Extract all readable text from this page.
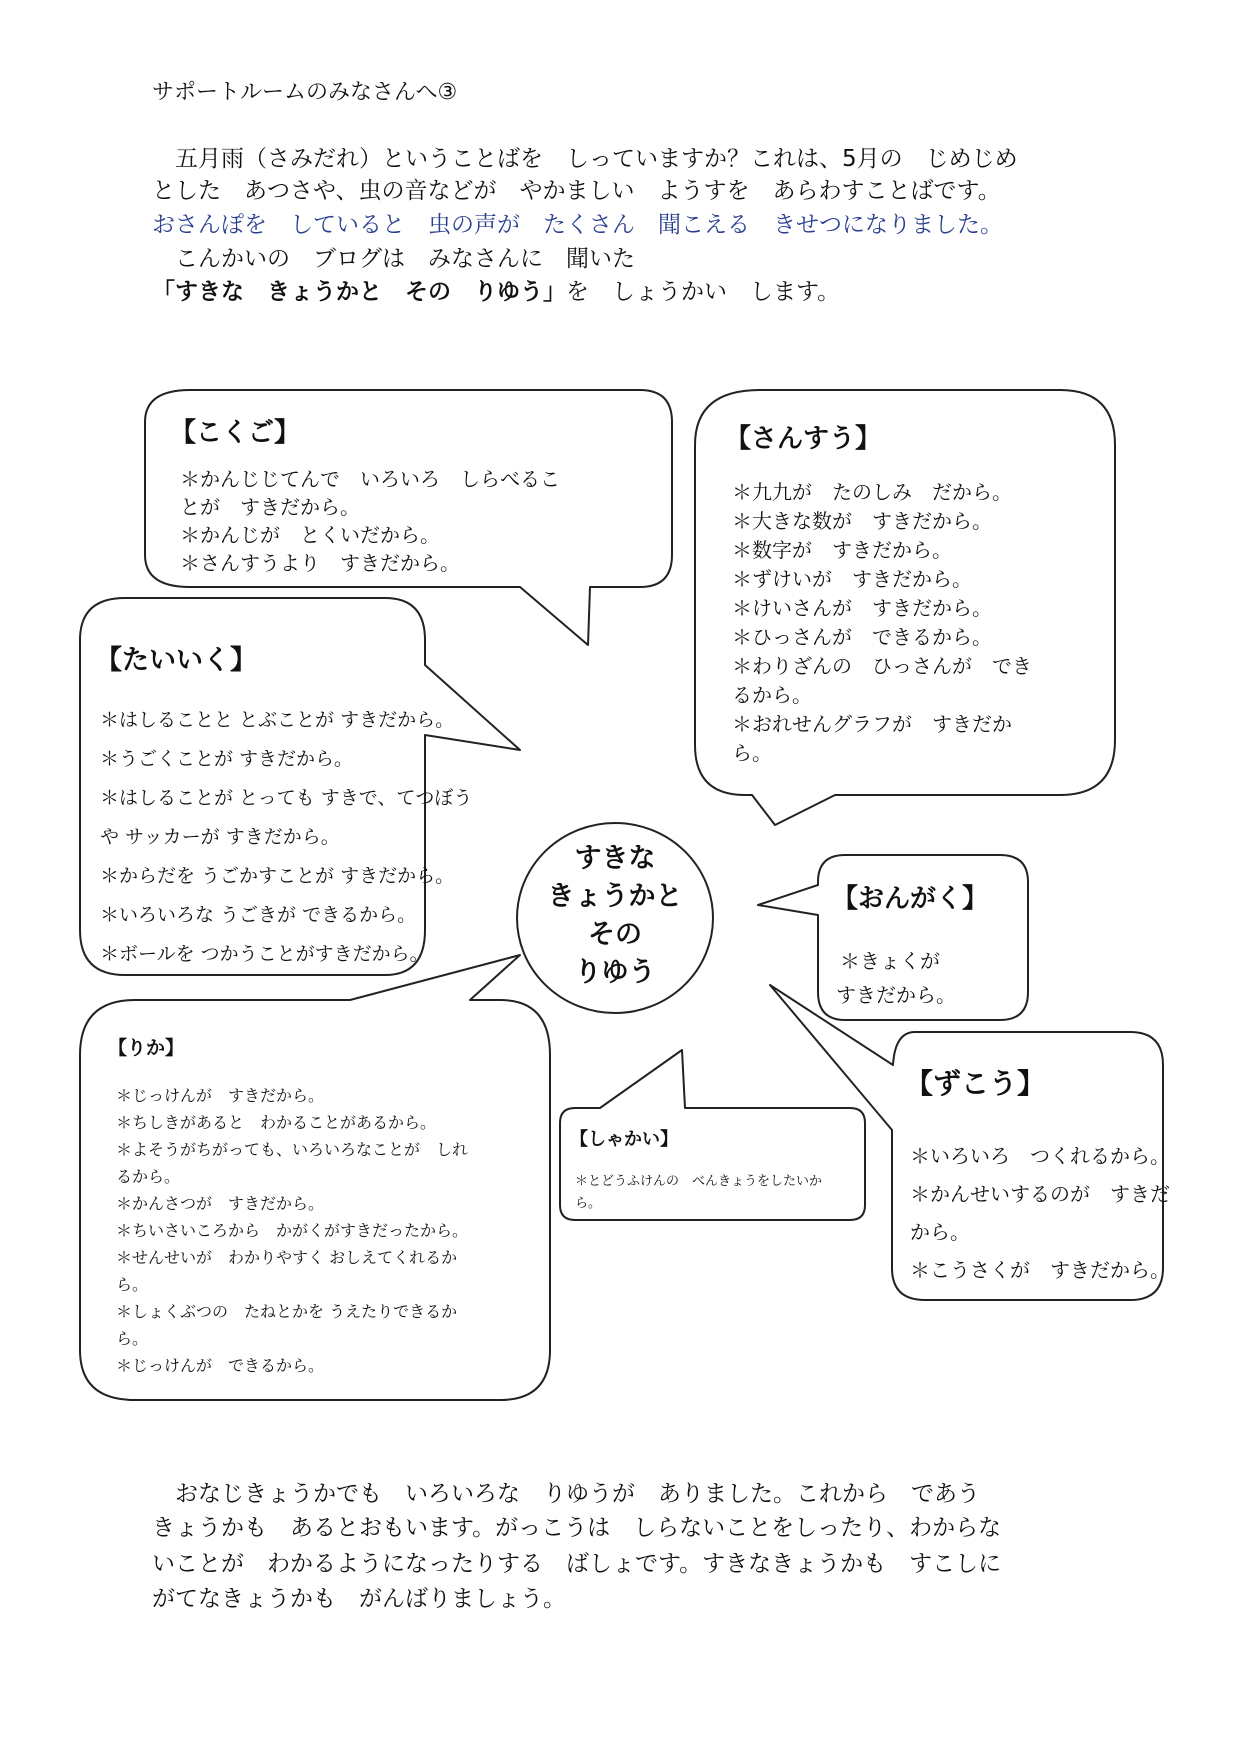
サポートルームのみなさんへ③
　五月雨（さみだれ）ということばを　しっていますか？これは、5月の　じめじめ
とした　あつさや、虫の音などが　やかましい　ようすを　あらわすことばです。
おさんぽを　していると　虫の声が　たくさん　聞こえる　きせつになりました。
　こんかいの　ブログは　みなさんに　聞いた
「すきな　きょうかと　その　りゆう」を　しょうかい　します。
すきな
きょうかと
その
りゆう
【こくご】
＊かんじじてんで　いろいろ　しらべるこ
とが　すきだから。
＊かんじが　とくいだから。
＊さんすうより　すきだから。
【さんすう】
＊九九が　たのしみ　だから。
＊大きな数が　すきだから。
＊数字が　すきだから。
＊ずけいが　すきだから。
＊けいさんが　すきだから。
＊ひっさんが　できるから。
＊わりざんの　ひっさんが　でき
るから。
＊おれせんグラフが　すきだか
ら。
【たいいく】
＊はしることと とぶことが すきだから。
＊うごくことが すきだから。
＊はしることが とっても すきで、てつぼう
や サッカーが すきだから。
＊からだを うごかすことが すきだから。
＊いろいろな うごきが できるから。
＊ボールを つかうことがすきだから。
【おんがく】
＊きょくが
すきだから。
【りか】
＊じっけんが　すきだから。
＊ちしきがあると　わかることがあるから。
＊よそうがちがっても、いろいろなことが　しれ
るから。
＊かんさつが　すきだから。
＊ちいさいころから　かがくがすきだったから。
＊せんせいが　わかりやすく おしえてくれるか
ら。
＊しょくぶつの　たねとかを うえたりできるか
ら。
＊じっけんが　できるから。
【しゃかい】
＊とどうふけんの　べんきょうをしたいか
ら。
【ずこう】
＊いろいろ　つくれるから。
＊かんせいするのが　すきだ
から。
＊こうさくが　すきだから。
　おなじきょうかでも　いろいろな　りゆうが　ありました。これから　であう
きょうかも　あるとおもいます。がっこうは　しらないことをしったり、わからな
いことが　わかるようになったりする　ばしょです。すきなきょうかも　すこしに
がてなきょうかも　がんばりましょう。
